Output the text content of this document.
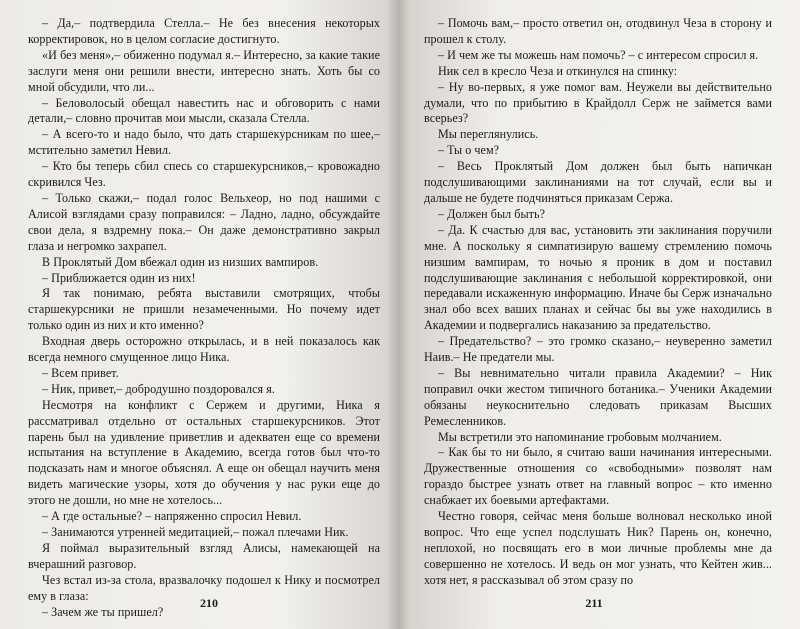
– Да,– подтвердила Стелла.– Не без внесения некоторых корректировок, но в целом согласие достигнуто.

«И без меня»,– обиженно подумал я.– Интересно, за какие такие заслуги меня они решили внести, интересно знать. Хоть бы со мной обсудили, что ли...

– Беловолосый обещал навестить нас и обговорить с нами детали,– словно прочитав мои мысли, сказала Стелла.

– А всего-то и надо было, что дать старшекурсникам по шее,– мстительно заметил Невил.

– Кто бы теперь сбил спесь со старшекурсников,– кровожадно скривился Чез.

– Только скажи,– подал голос Вельхеор, но под нашими с Алисой взглядами сразу поправился: – Ладно, ладно, обсуждайте свои дела, я вздремну пока.– Он даже демонстративно закрыл глаза и негромко захрапел.

В Проклятый Дом вбежал один из низших вампиров.

– Приближается один из них!

Я так понимаю, ребята выставили смотрящих, чтобы старшекурсники не пришли незамеченными. Но почему идет только один из них и кто именно?

Входная дверь осторожно открылась, и в ней показалось как всегда немного смущенное лицо Ника.

– Всем привет.

– Ник, привет,– добродушно поздоровался я.

Несмотря на конфликт с Сержем и другими, Ника я рассматривал отдельно от остальных старшекурсников. Этот парень был на удивление приветлив и адекватен еще со времени испытания на вступление в Академию, всегда готов был что-то подсказать нам и многое объяснял. А еще он обещал научить меня видеть магические узоры, хотя до обучения у нас руки еще до этого не дошли, но мне не хотелось...

– А где остальные? – напряженно спросил Невил.

– Занимаются утренней медитацией,– пожал плечами Ник.

Я поймал выразительный взгляд Алисы, намекающей на вчерашний разговор.

Чез встал из-за стола, вразвалочку подошел к Нику и посмотрел ему в глаза:

– Зачем же ты пришел?

210

– Помочь вам,– просто ответил он, отодвинул Чеза в сторону и прошел к столу.

– И чем же ты можешь нам помочь? – с интересом спросил я.

Ник сел в кресло Чеза и откинулся на спинку:

– Ну во-первых, я уже помог вам. Неужели вы действительно думали, что по прибытию в Крайдолл Серж не займется вами всерьез?

Мы переглянулись.

– Ты о чем?

– Весь Проклятый Дом должен был быть напичкан подслушивающими заклинаниями на тот случай, если вы и дальше не будете подчиняться приказам Сержа.

– Должен был быть?

– Да. К счастью для вас, установить эти заклинания поручили мне. А поскольку я симпатизирую вашему стремлению помочь низшим вампирам, то ночью я проник в дом и поставил подслушивающие заклинания с небольшой корректировкой, они передавали искаженную информацию. Иначе бы Серж изначально знал обо всех ваших планах и сейчас бы вы уже находились в Академии и подвергались наказанию за предательство.

– Предательство? – это громко сказано,– неуверенно заметил Наив.– Не предатели мы.

– Вы невнимательно читали правила Академии? – Ник поправил очки жестом типичного ботаника.– Ученики Академии обязаны неукоснительно следовать приказам Высших Ремесленников.

Мы встретили это напоминание гробовым молчанием.

– Как бы то ни было, я считаю ваши начинания интересными. Дружественные отношения со «свободными» позволят нам гораздо быстрее узнать ответ на главный вопрос – кто именно снабжает их боевыми артефактами.

Честно говоря, сейчас меня больше волновал несколько иной вопрос. Что еще успел подслушать Ник? Парень он, конечно, неплохой, но посвящать его в мои личные проблемы мне да совершенно не хотелось. И ведь он мог узнать, что Кейтен жив... хотя нет, я рассказывал об этом сразу по

211
